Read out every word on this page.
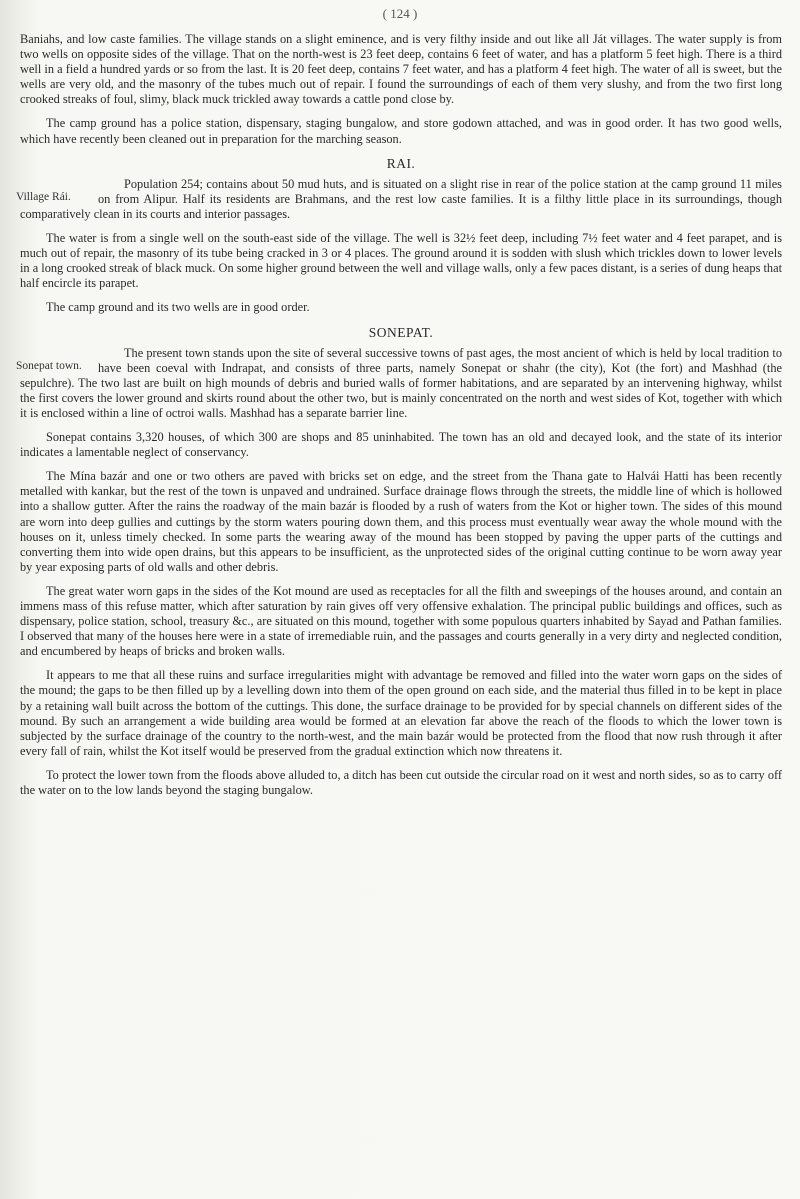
( 124 )

Baniahs, and low caste families. The village stands on a slight eminence, and is very filthy inside and out like all Ját villages. The water supply is from two wells on opposite sides of the village. That on the north-west is 23 feet deep, contains 6 feet of water, and has a platform 5 feet high. There is a third well in a field a hundred yards or so from the last. It is 20 feet deep, contains 7 feet water, and has a platform 4 feet high. The water of all is sweet, but the wells are very old, and the masonry of the tubes much out of repair. I found the surroundings of each of them very slushy, and from the two first long crooked streaks of foul, slimy, black muck trickled away towards a cattle pond close by.

The camp ground has a police station, dispensary, staging bungalow, and store godown attached, and was in good order. It has two good wells, which have recently been cleaned out in preparation for the marching season.

RAI.
Village Rái.

Population 254; contains about 50 mud huts, and is situated on a slight rise in rear of the police station at the camp ground 11 miles on from Alipur. Half its residents are Brahmans, and the rest low caste families. It is a filthy little place in its surroundings, though comparatively clean in its courts and interior passages.

The water is from a single well on the south-east side of the village. The well is 32½ feet deep, including 7½ feet water and 4 feet parapet, and is much out of repair, the masonry of its tube being cracked in 3 or 4 places. The ground around it is sodden with slush which trickles down to lower levels in a long crooked streak of black muck. On some higher ground between the well and village walls, only a few paces distant, is a series of dung heaps that half encircle its parapet.

The camp ground and its two wells are in good order.

SONEPAT.
Sonepat town.

The present town stands upon the site of several successive towns of past ages, the most ancient of which is held by local tradition to have been coeval with Indrapat, and consists of three parts, namely Sonepat or shahr (the city), Kot (the fort) and Mashhad (the sepulchre). The two last are built on high mounds of debris and buried walls of former habitations, and are separated by an intervening highway, whilst the first covers the lower ground and skirts round about the other two, but is mainly concentrated on the north and west sides of Kot, together with which it is enclosed within a line of octroi walls. Mashhad has a separate barrier line.

Sonepat contains 3,320 houses, of which 300 are shops and 85 uninhabited. The town has an old and decayed look, and the state of its interior indicates a lamentable neglect of conservancy.

The Mína bazár and one or two others are paved with bricks set on edge, and the street from the Thana gate to Halvái Hatti has been recently metalled with kankar, but the rest of the town is unpaved and undrained. Surface drainage flows through the streets, the middle line of which is hollowed into a shallow gutter. After the rains the roadway of the main bazár is flooded by a rush of waters from the Kot or higher town. The sides of this mound are worn into deep gullies and cuttings by the storm waters pouring down them, and this process must eventually wear away the whole mound with the houses on it, unless timely checked. In some parts the wearing away of the mound has been stopped by paving the upper parts of the cuttings and converting them into wide open drains, but this appears to be insufficient, as the unprotected sides of the original cutting continue to be worn away year by year exposing parts of old walls and other debris.

The great water worn gaps in the sides of the Kot mound are used as receptacles for all the filth and sweepings of the houses around, and contain an immens mass of this refuse matter, which after saturation by rain gives off very offensive exhalation. The principal public buildings and offices, such as dispensary, police station, school, treasury &c., are situated on this mound, together with some populous quarters inhabited by Sayad and Pathan families. I observed that many of the houses here were in a state of irremediable ruin, and the passages and courts generally in a very dirty and neglected condition, and encumbered by heaps of bricks and broken walls.

It appears to me that all these ruins and surface irregularities might with advantage be removed and filled into the water worn gaps on the sides of the mound; the gaps to be then filled up by a levelling down into them of the open ground on each side, and the material thus filled in to be kept in place by a retaining wall built across the bottom of the cuttings. This done, the surface drainage to be provided for by special channels on different sides of the mound. By such an arrangement a wide building area would be formed at an elevation far above the reach of the floods to which the lower town is subjected by the surface drainage of the country to the north-west, and the main bazár would be protected from the flood that now rush through it after every fall of rain, whilst the Kot itself would be preserved from the gradual extinction which now threatens it.

To protect the lower town from the floods above alluded to, a ditch has been cut outside the circular road on it west and north sides, so as to carry off the water on to the low lands beyond the staging bungalow.
